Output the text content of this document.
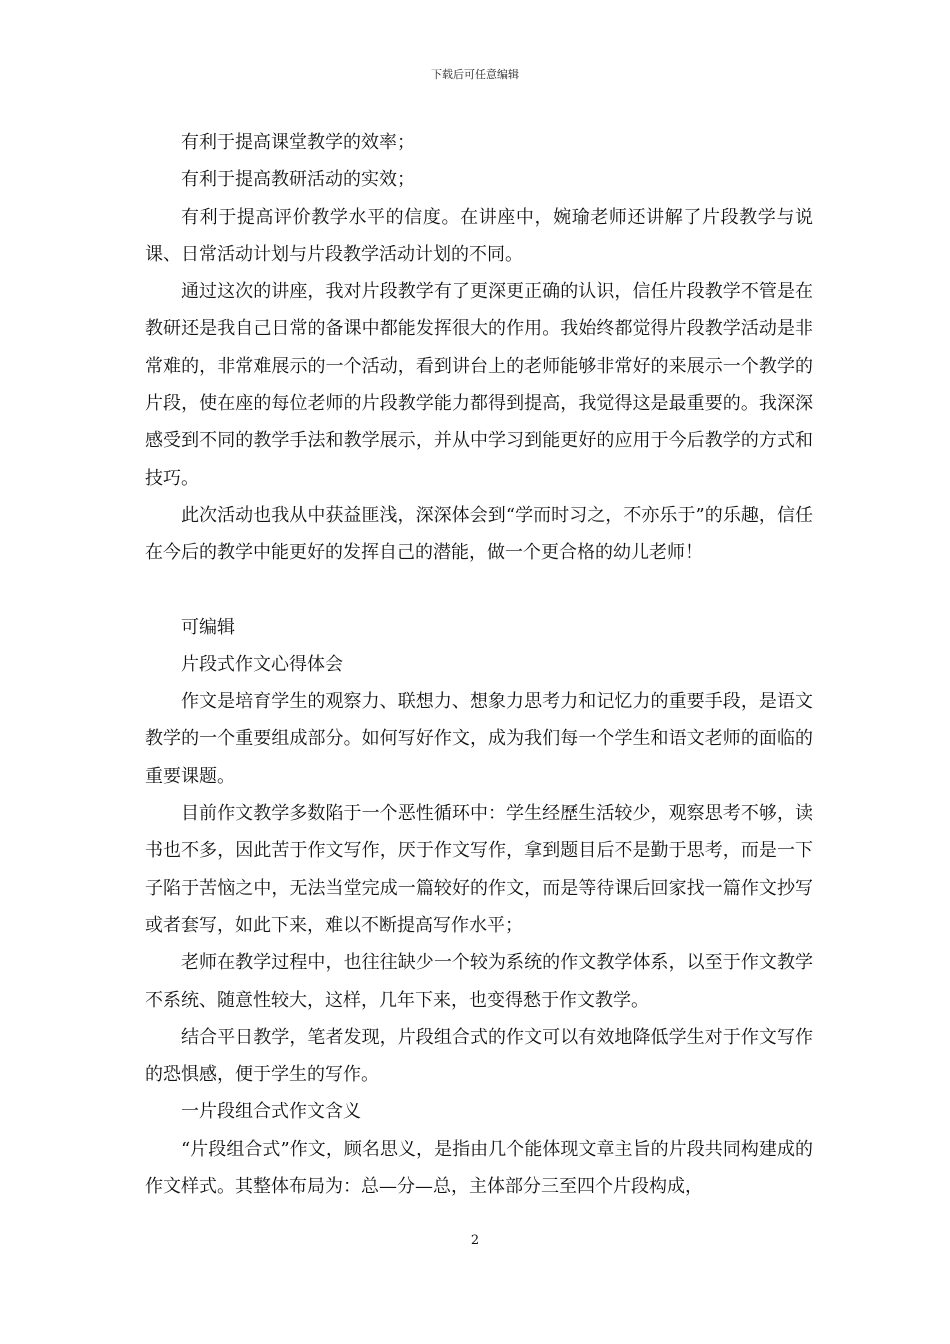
下载后可任意编辑

有利于提高课堂教学的效率；

有利于提高教研活动的实效；

有利于提高评价教学水平的信度。在讲座中，婉瑜老师还讲解了片段教学与说课、日常活动计划与片段教学活动计划的不同。

通过这次的讲座，我对片段教学有了更深更正确的认识，信任片段教学不管是在教研还是我自己日常的备课中都能发挥很大的作用。我始终都觉得片段教学活动是非常难的，非常难展示的一个活动，看到讲台上的老师能够非常好的来展示一个教学的片段，使在座的每位老师的片段教学能力都得到提高，我觉得这是最重要的。我深深感受到不同的教学手法和教学展示，并从中学习到能更好的应用于今后教学的方式和技巧。

此次活动也我从中获益匪浅，深深体会到“学而时习之，不亦乐于”的乐趣，信任在今后的教学中能更好的发挥自己的潜能，做一个更合格的幼儿老师！

可编辑

片段式作文心得体会

作文是培育学生的观察力、联想力、想象力思考力和记忆力的重要手段，是语文教学的一个重要组成部分。如何写好作文，成为我们每一个学生和语文老师的面临的重要课题。

目前作文教学多数陷于一个恶性循环中：学生经歷生活较少，观察思考不够，读书也不多，因此苦于作文写作，厌于作文写作，拿到题目后不是勤于思考，而是一下子陷于苦恼之中，无法当堂完成一篇较好的作文，而是等待课后回家找一篇作文抄写或者套写，如此下来，难以不断提高写作水平；

老师在教学过程中，也往往缺少一个较为系统的作文教学体系，以至于作文教学不系统、随意性较大，这样，几年下来，也变得愁于作文教学。

结合平日教学，笔者发现，片段组合式的作文可以有效地降低学生对于作文写作的恐惧感，便于学生的写作。

一片段组合式作文含义

“片段组合式”作文，顾名思义，是指由几个能体现文章主旨的片段共同构建成的作文样式。其整体布局为：总—分—总，主体部分三至四个片段构成，

2
